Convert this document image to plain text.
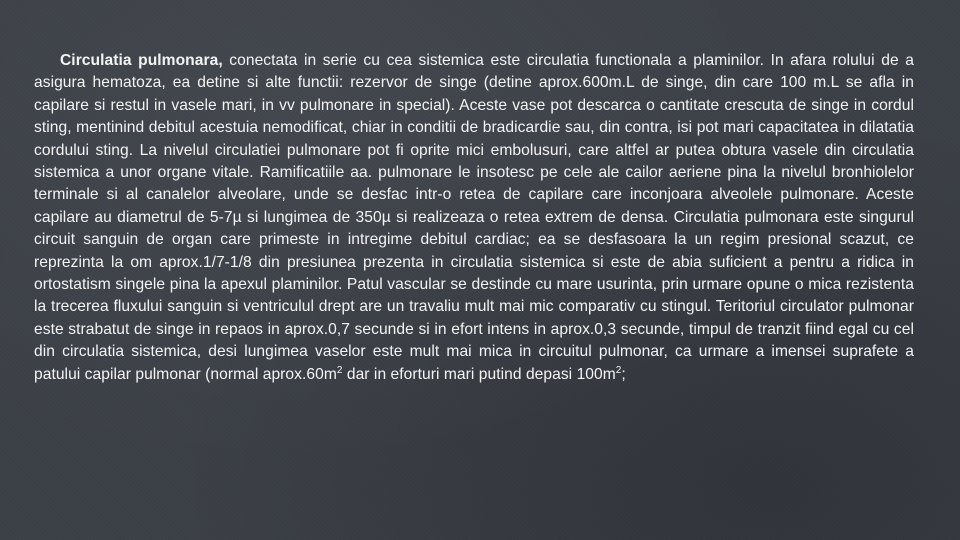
Circulatia pulmonara, conectata in serie cu cea sistemica este circulatia functionala a plaminilor. In afara rolului de a asigura hematoza, ea detine si alte functii: rezervor de singe (detine aprox.600m.L de singe, din care 100 m.L se afla in capilare si restul in vasele mari, in vv pulmonare in special). Aceste vase pot descarca o cantitate crescuta de singe in cordul sting, mentinind debitul acestuia nemodificat, chiar in conditii de bradicardie sau, din contra, isi pot mari capacitatea in dilatatia cordului sting. La nivelul circulatiei pulmonare pot fi oprite mici embolusuri, care altfel ar putea obtura vasele din circulatia sistemica a unor organe vitale. Ramificatiile aa. pulmonare le insotesc pe cele ale cailor aeriene pina la nivelul bronhiolelor terminale si al canalelor alveolare, unde se desfac intr-o retea de capilare care inconjoara alveolele pulmonare. Aceste capilare au diametrul de 5-7µ si lungimea de 350µ si realizeaza o retea extrem de densa. Circulatia pulmonara este singurul circuit sanguin de organ care primeste in intregime debitul cardiac; ea se desfasoara la un regim presional scazut, ce reprezinta la om aprox.1/7-1/8 din presiunea prezenta in circulatia sistemica si este de abia suficient a pentru a ridica in ortostatism singele pina la apexul plaminilor. Patul vascular se destinde cu mare usurinta, prin urmare opune o mica rezistenta la trecerea fluxului sanguin si ventriculul drept are un travaliu mult mai mic comparativ cu stingul. Teritoriul circulator pulmonar este strabatut de singe in repaos in aprox.0,7 secunde si in efort intens in aprox.0,3 secunde, timpul de tranzit fiind egal cu cel din circulatia sistemica, desi lungimea vaselor este mult mai mica in circuitul pulmonar, ca urmare a imensei suprafete a patului capilar pulmonar (normal $aprox.60m^2$ dar in eforturi mari putind depasi $100m^2$;
